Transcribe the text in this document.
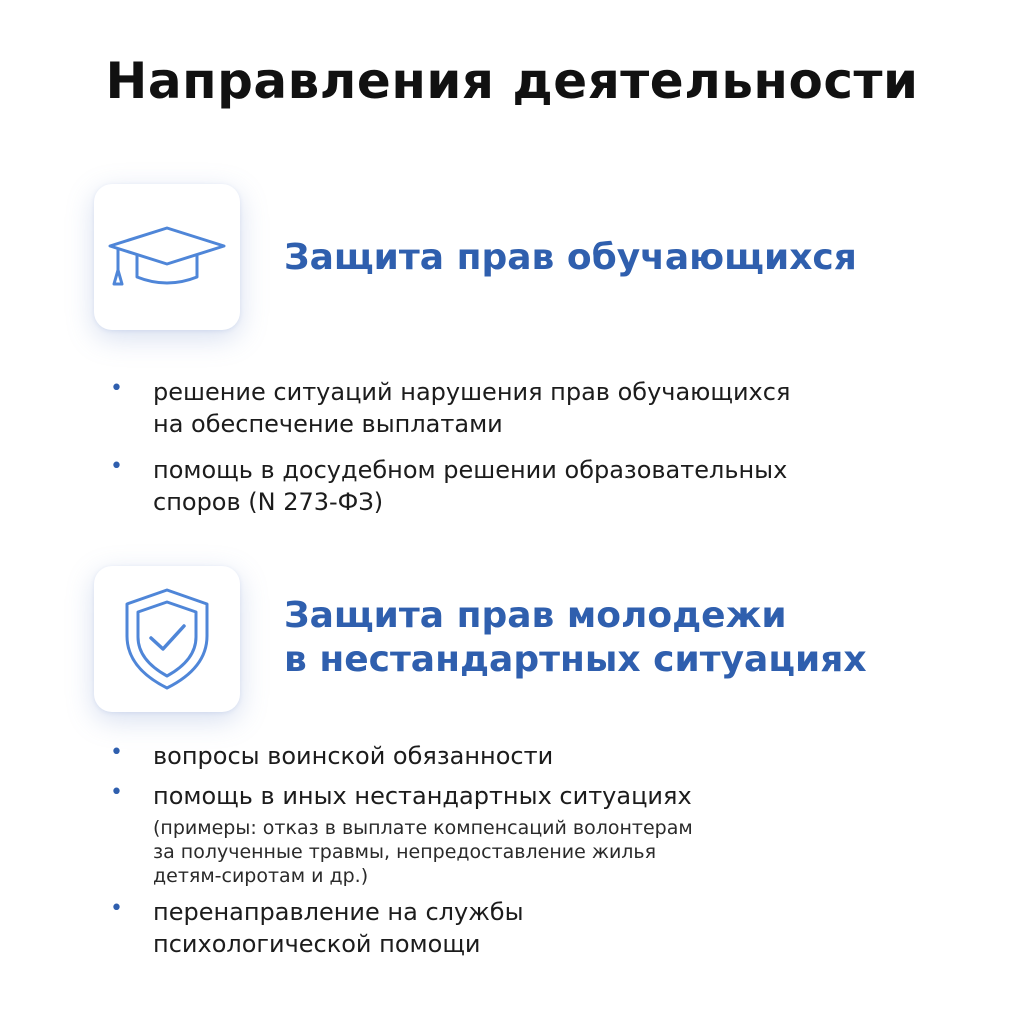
Направления деятельности
Защита прав обучающихся
• решение ситуаций нарушения прав обучающихся
на обеспечение выплатами
• помощь в досудебном решении образовательных
споров (N 273-ФЗ)
Защита прав молодежи
в нестандартных ситуациях
• вопросы воинской обязанности
• помощь в иных нестандартных ситуациях
(примеры: отказ в выплате компенсаций волонтерам
за полученные травмы, непредоставление жилья
детям-сиротам и др.)
• перенаправление на службы
психологической помощи
